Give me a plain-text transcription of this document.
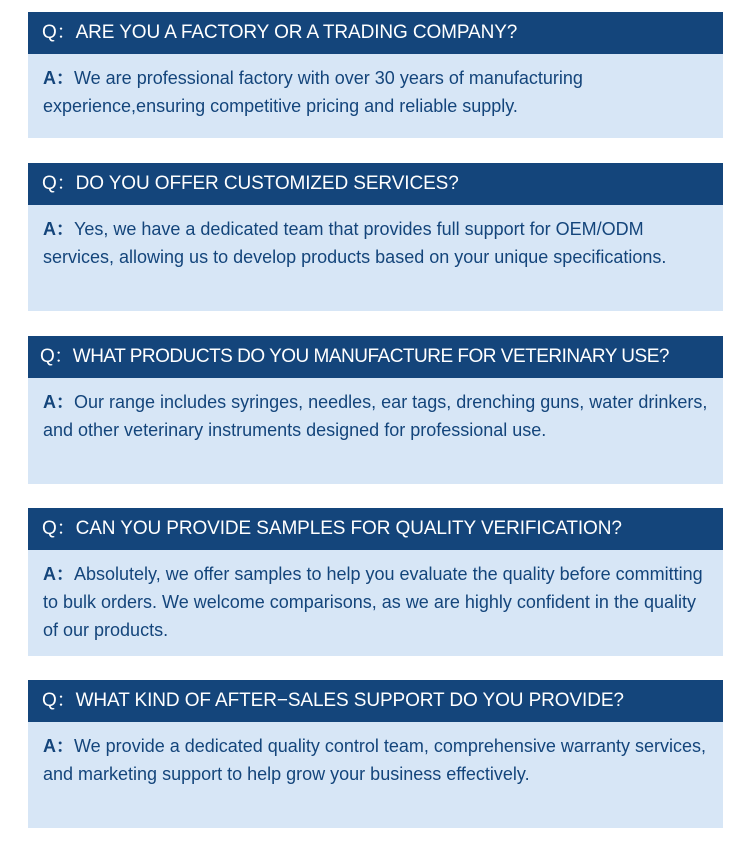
Q：ARE YOU A FACTORY OR A TRADING COMPANY?
A：We are professional factory with over 30 years of manufacturing experience,ensuring competitive pricing and reliable supply.
Q：DO YOU OFFER CUSTOMIZED SERVICES?
A：Yes, we have a dedicated team that provides full support for OEM/ODM services, allowing us to develop products based on your unique specifications.
Q：WHAT PRODUCTS DO YOU MANUFACTURE FOR VETERINARY USE?
A：Our range includes syringes, needles, ear tags, drenching guns, water drinkers, and other veterinary instruments designed for professional use.
Q：CAN YOU PROVIDE SAMPLES FOR QUALITY VERIFICATION?
A：Absolutely, we offer samples to help you evaluate the quality before committing to bulk orders. We welcome comparisons, as we are highly confident in the quality of our products.
Q：WHAT KIND OF AFTER−SALES SUPPORT DO YOU PROVIDE?
A：We provide a dedicated quality control team, comprehensive warranty services, and marketing support to help grow your business effectively.
